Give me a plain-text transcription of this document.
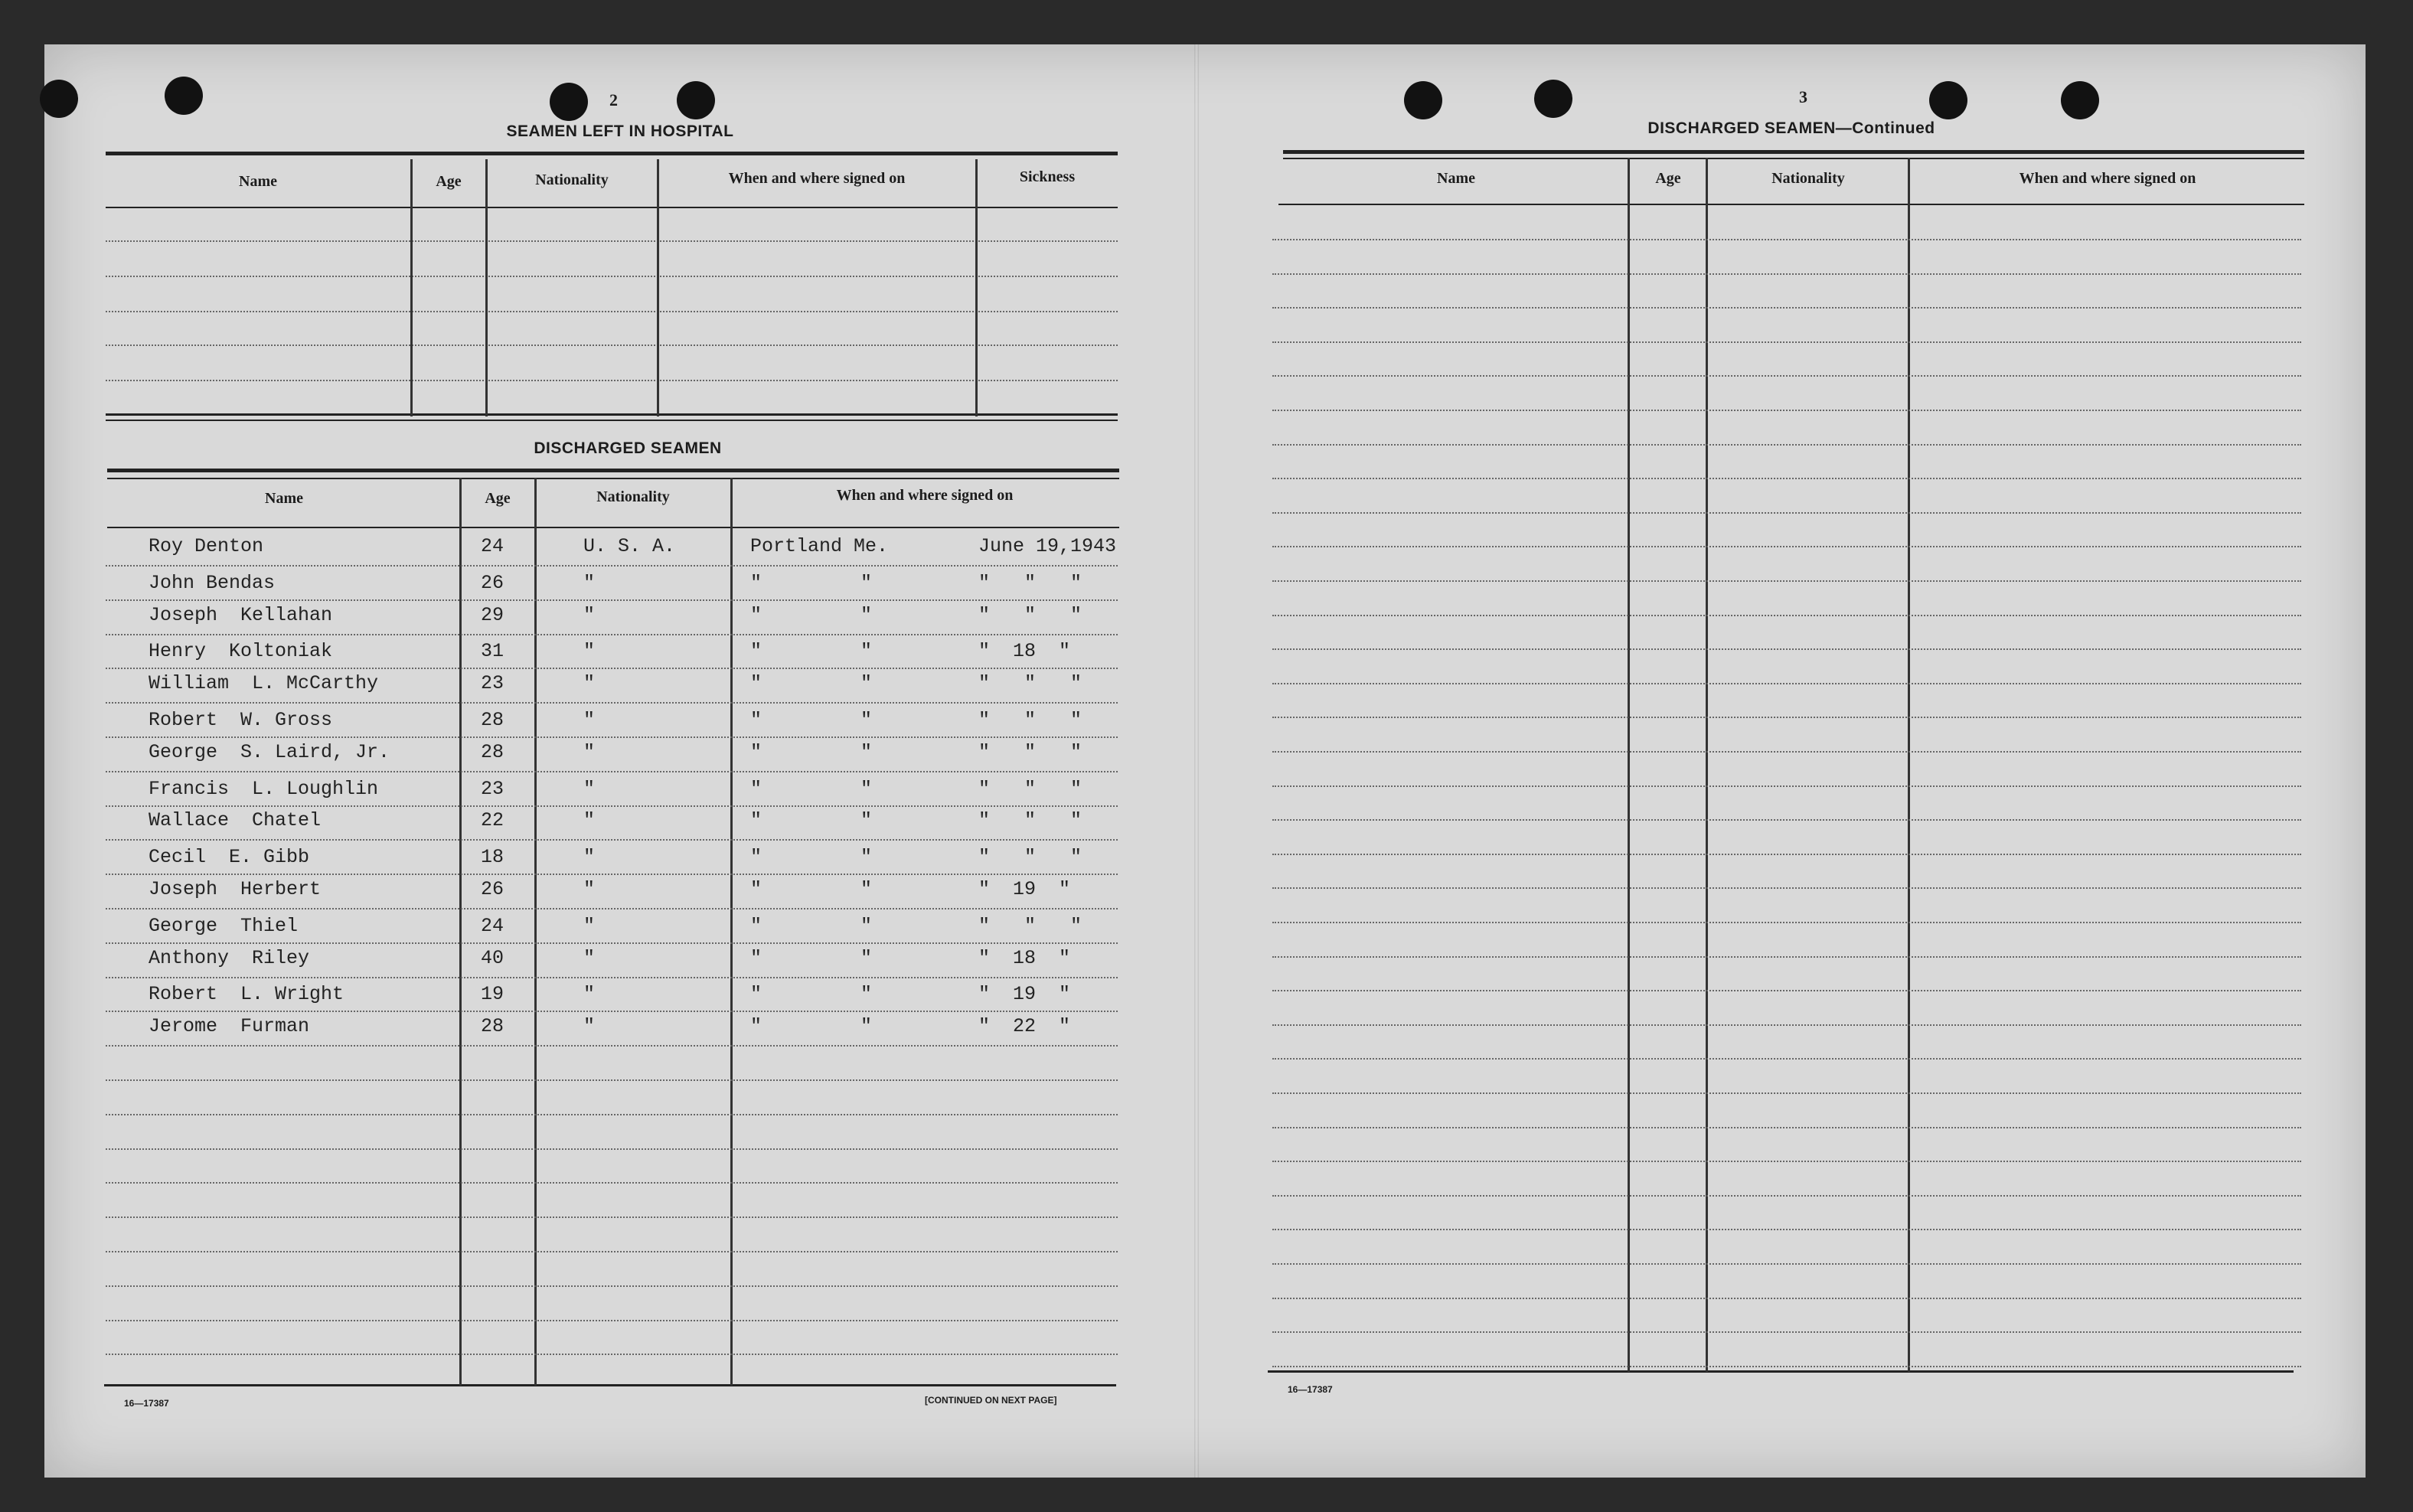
2
SEAMEN LEFT IN HOSPITAL
Name	Age	Nationality	When and where signed on	Sickness
DISCHARGED SEAMEN
Name	Age	Nationality	When and where signed on
Roy Denton	24	U. S. A.	Portland Me.	June 19,1943
John Bendas	26	"	"	"	"   "   "
Joseph  Kellahan	29	"	"	"	"   "   "
Henry  Koltoniak	31	"	"	"	"  18  "
William  L. McCarthy	23	"	"	"	"   "   "
Robert  W. Gross	28	"	"	"	"   "   "
George  S. Laird, Jr.	28	"	"	"	"   "   "
Francis  L. Loughlin	23	"	"	"	"   "   "
Wallace  Chatel	22	"	"	"	"   "   "
Cecil  E. Gibb	18	"	"	"	"   "   "
Joseph  Herbert	26	"	"	"	"  19  "
George  Thiel	24	"	"	"	"   "   "
Anthony  Riley	40	"	"	"	"  18  "
Robert  L. Wright	19	"	"	"	"  19  "
Jerome  Furman	28	"	"	"	"  22  "
16—17387	[CONTINUED ON NEXT PAGE]
3
DISCHARGED SEAMEN—Continued
Name	Age	Nationality	When and where signed on
16—17387
